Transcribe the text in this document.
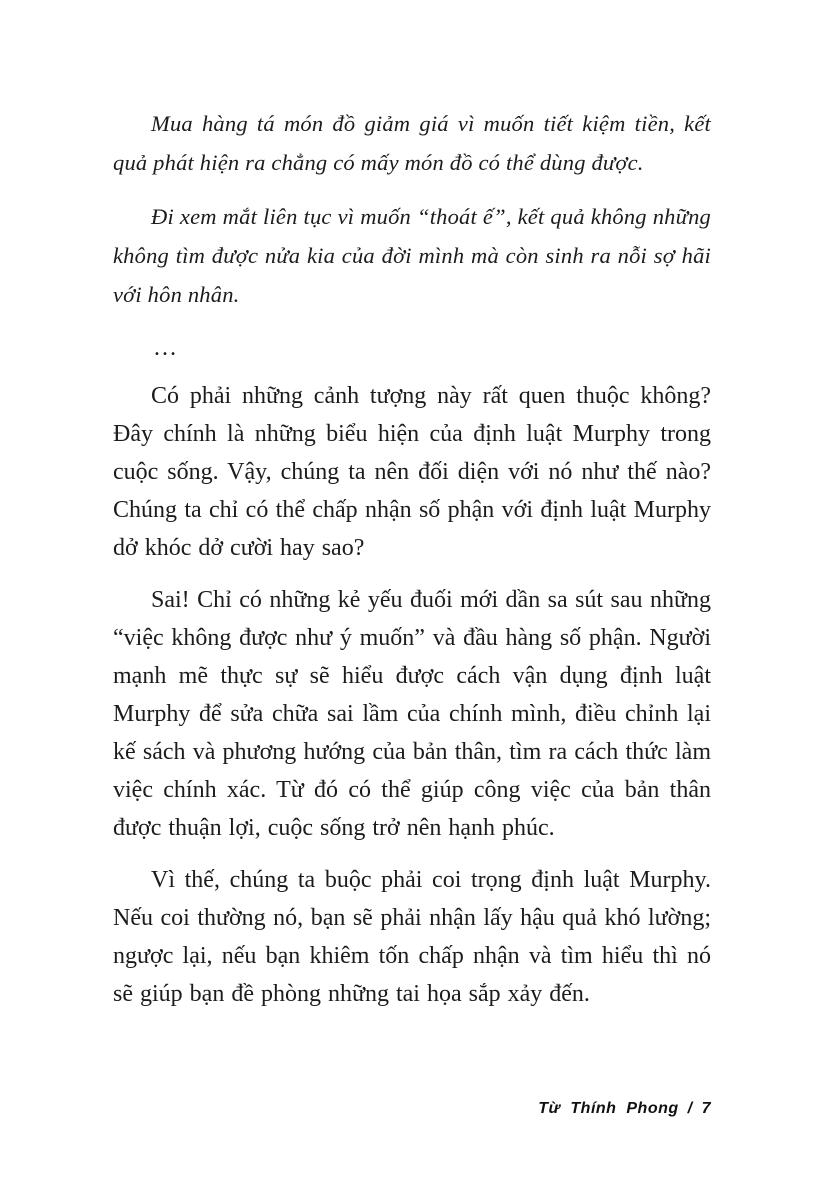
Mua hàng tá món đồ giảm giá vì muốn tiết kiệm tiền, kết quả phát hiện ra chẳng có mấy món đồ có thể dùng được.

Đi xem mắt liên tục vì muốn “thoát ế”, kết quả không những không tìm được nửa kia của đời mình mà còn sinh ra nỗi sợ hãi với hôn nhân.

…

Có phải những cảnh tượng này rất quen thuộc không? Đây chính là những biểu hiện của định luật Murphy trong cuộc sống. Vậy, chúng ta nên đối diện với nó như thế nào? Chúng ta chỉ có thể chấp nhận số phận với định luật Murphy dở khóc dở cười hay sao?

Sai! Chỉ có những kẻ yếu đuối mới dần sa sút sau những “việc không được như ý muốn” và đầu hàng số phận. Người mạnh mẽ thực sự sẽ hiểu được cách vận dụng định luật Murphy để sửa chữa sai lầm của chính mình, điều chỉnh lại kế sách và phương hướng của bản thân, tìm ra cách thức làm việc chính xác. Từ đó có thể giúp công việc của bản thân được thuận lợi, cuộc sống trở nên hạnh phúc.

Vì thế, chúng ta buộc phải coi trọng định luật Murphy. Nếu coi thường nó, bạn sẽ phải nhận lấy hậu quả khó lường; ngược lại, nếu bạn khiêm tốn chấp nhận và tìm hiểu thì nó sẽ giúp bạn đề phòng những tai họa sắp xảy đến.

Từ Thính Phong / 7
